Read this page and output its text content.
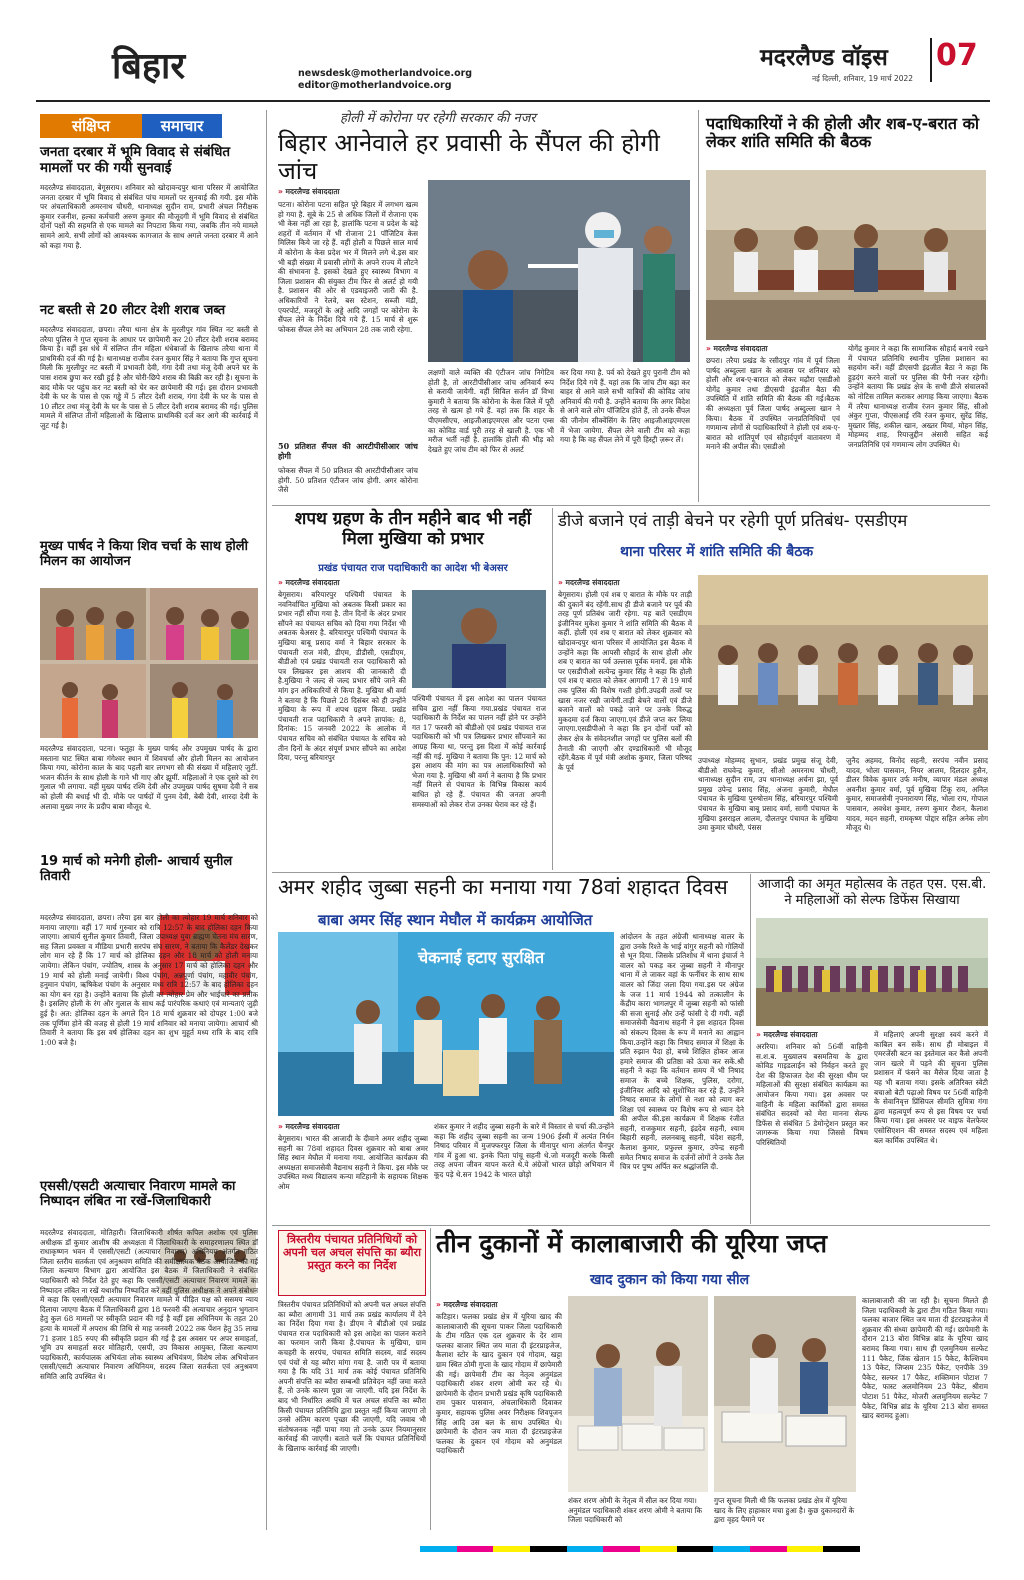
बिहार	newsdesk@motherlandvoice.org
editor@motherlandvoice.org
मदरलैण्ड वॉइस 07
नई दिल्ली, शनिवार, 19 मार्च 2022
संक्षिप्त	समाचार
जनता दरबार में भूमि विवाद से संबंधित मामलों पर की गयी सुनवाई
मदरलैण्ड संवाददाता, बेगूसराय। शनिवार को खोदावन्दपुर थाना परिसर में आयोजित जनता दरबार में भूमि विवाद से संबंधित पांच मामलों पर सुनवाई की गयी. इस मौके पर अंचलाधिकारी अमरनाथ चौधरी, थानाध्यक्ष सुदीन राम, प्रभारी अंचल निरीक्षक कुमार रजनीश, हल्का कर्मचारी अरुण कुमार की मौजूदगी में भूमि विवाद से संबंधित दोनों पक्षों की सहमति से एक मामले का निपटारा किया गया, जबकि तीन नये मामले सामने आये. सभी लोगों को आवश्यक कागजात के साथ अगले जनता दरबार में आने को कहा गया है.
नट बस्ती से 20 लीटर देशी शराब जब्त
मदरलैण्ड संवाददाता, छपरा। तरैया थाना क्षेत्र के मुरलीपुर गांव स्थित नट बस्ती से तरैया पुलिस ने गुप्त सूचना के आधार पर छापेमारी कर 20 लीटर देशी शराब बरामद किया है। वहीं इस धंधे में संलिप्त तीन महिला धंधेबाजों के खिलाफ तरैया थाना में प्राथमिकी दर्ज की गई है। थानाध्यक्ष राजीव रंजन कुमार सिंह ने बताया कि गुप्त सूचना मिली कि मुरलीपुर नट बस्ती में प्रभावती देवी, गंगा देवी तथा मंजू देवी अपने घर के पास शराब छुपा कर रखी हुई है और चोरी-छिपे शराब की बिक्री कर रही है। सूचना के बाद मौके पर पहुंच कर नट बस्ती को घेर कर छापेमारी की गई। इस दौरान प्रभावती देवी के घर के पास से एक गड्ढे में 5 लीटर देशी शराब, गंगा देवी के घर के पास से 10 लीटर तथा मंजू देवी के घर के पास से 5 लीटर देशी शराब बरामद की गई। पुलिस मामले में संलिप्त तीनों महिलाओं के खिलाफ प्राथमिकी दर्ज कर आगे की कार्रवाई में जुट गई है।
मुख्य पार्षद ने किया शिव चर्चा के साथ होली मिलन का आयोजन
मदरलैण्ड संवाददाता, पटना। फतुहा के मुख्य पार्षद और उपमुख्य पार्षद के द्वारा मस्ताना घाट स्थित बाबा गंगेश्वर स्थान में शिवचर्चा और होली मिलन का आयोजन किया गया, कोरोना काल के बाद पहली बार लगभग सौ की संख्या में महिलाएं जुटीं. भजन कीर्तन के साथ होली के गाने भी गाए और झूमीं. महिलाओं ने एक दूसरे को रंग गुलाल भी लगाया. वहीं मुख्य पार्षद रश्मि देवी और उपमुख्य पार्षद सुषमा देवी ने सब को होली की बधाई भी दी. मौके पर पार्षदों में पुनम देवी, बेबी देवी, शारदा देवी के अलावा मुख्य नगर के प्रदीप बाबा मौजूद थे.
19 मार्च को मनेगी होली- आचार्य सुनील तिवारी
मदरलैण्ड संवाददाता, छपरा। तरैया इस बार होली का त्योहार 19 मार्च शनिवार को मनाया जाएगा। वहीं 17 मार्च गुरुवार को रात्रि 12:57 के बाद होलिका दहन किया जाएगा। आचार्य सुनील कुमार तिवारी, जिला उपाध्यक्ष युवा ब्राह्मण चेतना मंच सारण, सह जिला प्रवक्ता व मीडिया प्रभारी सरपंच संघ सारण, ने बताया कि कैलेंडर देखकर लोग मान रहे हैं कि 17 मार्च को होलिका दहन और 18 मार्च को होली मनाया जायेगा। लेकिन पंचांग, ज्योतिष, शास्त्र के अनुसार 17 मार्च को होलिका दहन और 19 मार्च को होली मनाई जायेगी। विश्व पंचांग, अन्नपूर्णा पंचांग, महावीर पंचांग, हनुमान पंचांग, ऋषिकेश पंचांग के अनुसार मध्य रात्रि 12:57 के बाद होलिका दहन का योग बन रहा है। उन्होंने बताया कि होली का त्योहार प्रेम और भाईचारे का प्रतीक है। इसलिए होली के रंग और गुलाल के साथ कई पारंपरिक कथाएं एवं मान्यताएं जुड़ी हुई है। अत: होलिका दहन के अगले दिन 18 मार्च शुक्रवार को दोपहर 1:00 बजे तक पूर्णिमा होने की वजह से होली 19 मार्च शनिवार को मनाया जायेगा। आचार्य श्री तिवारी ने बताया कि इस वर्ष होलिका दहन का शुभ मुहूर्त मध्य रात्रि के बाद रात्रि 1:00 बजे है।
एससी/एसटी अत्याचार निवारण मामले का निष्पादन लंबित ना रखें-जिलाधिकारी
मदरलैण्ड संवाददाता, मोतिहारी। जिलाधिकारी शीर्षत कपिल अशोक एवं पुलिस अधीक्षक डॉ कुमार आशीष की अध्यक्षता में जिलाधिकारी के समाहरणालय स्थित डॉ राधाकृष्णन भवन में एससी/एसटी (अत्याचार निवारण) अधिनियम अंतर्गत गठित जिला स्तरीय सतर्कता एवं अनुश्रवण समिति की समीक्षात्मक बैठक आयोजित की गई जिला कल्याण विभाग द्वारा आयोजित इस बैठक में जिलाधिकारी ने संबंधित पदाधिकारी को निर्देश देते हुए कहा कि एससी/एसटी अत्याचार निवारण मामले का निष्पादन लंबित ना रखें यथाशीघ्र निष्पादित करें वहीं पुलिस अधीक्षक ने अपने संबोधन में कहा कि एससी/एसटी अत्याचार निवारण मामले में पीड़ित पक्ष को ससमय न्याय दिलाया जाएगा बैठक में जिलाधिकारी द्वारा 18 फरवरी की अत्याचार अनुदान भुगतान हेतु कुल 68 मामलों पर स्वीकृति प्रदान की गई है वहीं इस अधिनियम के तहत 20 हत्या के मामलों में अपराध की तिथि से माह जनवरी 2022 तक पेंशन हेतु 35 लाख 71 हजार 185 रुपए की स्वीकृति प्रदान की गई है इस अवसर पर अपर समाहर्ता, भूमि उप समाहर्ता सदर मोतिहारी, एसपी, उप विकास आयुक्त, जिला कल्याण पदाधिकारी, कार्यपालक अभियंता लोक स्वास्थ्य अभियंत्रण, विशेष लोक अभियोजन एससी/एसटी अत्याचार निवारण अधिनियम, सदस्य जिला सतर्कता एवं अनुश्रवण समिति आदि उपस्थित थे।
होली में कोरोना पर रहेगी सरकार की नजर
बिहार आनेवाले हर प्रवासी के सैंपल की होगी जांच
» मदरलैण्ड संवाददाता
पटना। कोरोना पटना सहित पूरे बिहार में लगभग खत्म हो गया है. सूबे के 25 से अधिक जिलों में रोजाना एक भी केस नहीं आ रहा है, हालांकि पटना व प्रदेश के बड़े शहरों में वर्तमान में भी रोजाना 21 पॉजिटिव केस मिलिस किये जा रहे हैं. वहीं होली व पिछले साल मार्च में कोरोना के केस प्रदेश भर में मिलने लगे थे.इस बार भी बड़ी संख्या में प्रवासी लोगों के अपने राज्य में लौटने की संभावना है. इसको देखते हुए स्वास्थ्य विभाग व जिला प्रशासन की संयुक्त टीम फिर से अलर्ट हो गयी है. प्रशासन की ओर से एडवाइजरी जारी की है. अधिकारियों ने रेलवे, बस स्टेशन, सब्जी मंडी, एयरपोर्ट, मजदूरों के अड्डे आदि जगहों पर कोरोना के सैंपल लेने के निर्देश दिये गये हैं. 15 मार्च से शुरू फोकस सैंपल लेने का अभियान 28 तक जारी रहेगा.
50 प्रतिशत सैंपल की आरटीपीसीआर जांच होगी
फोकस सैंपल में 50 प्रतिशत की आरटीपीसीआर जांच होगी. 50 प्रतिशत एंटीजन जांच होगी. अगर कोरोना जैसे
लक्षणों वाले व्यक्ति की एंटीजन जांच निगेटिव होती है, तो आरटीपीसीआर जांच अनिवार्य रूप से करायी जायेगी. वहीं सिविल सर्जन डॉ विभा कुमारी ने बताया कि कोरोना के केस जिले में पूरी तरह से खत्म हो गये हैं. वहां तक कि शहर के पीएमसीएच, आइजीआइएमएस और पटना एम्स का कोविड वार्ड पूरी तरह से खाली है. एक भी मरीज भर्ती नहीं है. हालांकि होली की भीड़ को देखते हुए जांच टीम को फिर से अलर्ट
कर दिया गया है. पर्व को देखते हुए पुरानी टीम को निर्देश दिये गये हैं. यहां तक कि जांच टीम बढ़ा कर बाहर से आने वाले सभी यात्रियों की कोविड जांच अनिवार्य की गयी है. उन्होंने बताया कि अगर विदेश से आने वाले लोग पॉजिटिव होते हैं, तो उनके सैंपल की जीनोम सीक्वेंसिंग के लिए आइजीआइएमएस में भेजा जायेगा. सैंपल लेने वाली टीम को कहा गया है कि वह सैंपल लेने में पूरी हिस्ट्री ज़रूर लें।
पदाधिकारियों ने की होली और शब-ए-बरात को लेकर शांति समिति की बैठक
» मदरलैण्ड संवाददाता
छपरा। तरैया प्रखंड के रसीदपुर गांव में पूर्व जिला पार्षद अब्दुल्ला खान के आवास पर शनिवार को होली और शब-ए-बारात को लेकर मढ़ौरा एसडीओ योगेंद्र कुमार तथा डीएसपी इंद्रजीत बैठा की उपस्थिति में शांति समिति की बैठक की गई।बैठक की अध्यक्षता पूर्व जिला पार्षद अब्दुल्ला खान ने किया। बैठक में उपस्थित जनप्रतिनिधियों एवं गणमान्य लोगों से पदाधिकारियों ने होली एवं शब-ए-बारात को शांतिपूर्ण एवं सौहार्दपूर्ण वातावरण में मनाने की अपील की। एसडीओ
योगेंद्र कुमार ने कहा कि सामाजिक सौहार्द बनाये रखने में पंचायत प्रतिनिधि स्थानीय पुलिस प्रशासन का सहयोग करें। वहीं डीएसपी इंद्रजीत बैठा ने कहा कि हुड़दंग करने वालों पर पुलिस की पैनी नजर रहेगी। उन्होंने बताया कि प्रखंड क्षेत्र के सभी डीजे संचालकों को नोटिस तामिल कराकर आगाह किया जाएगा। बैठक में तरैया थानाध्यक्ष राजीव रंजन कुमार सिंह, सीओ अंकुर गुप्ता, पीएसआई रवि रंजन कुमार, सुरेंद्र सिंह, मुख्तार सिंह, शकील खान, अख्तर मियां, मोहन सिंह, मोहम्मद शाह, रियाजुद्दीन अंसारी सहित कई जनप्रतिनिधि एवं गणमान्य लोग उपस्थित थे।
शपथ ग्रहण के तीन महीने बाद भी नहीं मिला मुखिया को प्रभार
प्रखंड पंचायत राज पदाधिकारी का आदेश भी बेअसर
» मदरलैण्ड संवाददाता
बेगूसराय। बरियारपुर पश्चिमी पंचायत के नवनिर्वाचित मुखिया को अबतक किसी प्रकार का प्रभार नहीं सौंपा गया है. तीन दिनों के अंदर प्रभार सौंपने का पंचायत सचिव को दिया गया निर्देश भी अबतक बेअसर है. बरियारपुर पश्चिमी पंचायत के मुखिया बाबू प्रसाद वर्मा ने बिहार सरकार के पंचायती राज मंत्री, डीएम, डीडीसी, एसडीएम, बीडीओ एवं प्रखंड पंचायती राज पदाधिकारी को पत्र लिखकर इस आशय की जानकारी दी है.मुखिया ने जल्द से जल्द प्रभार सौंपे जाने की मांग इन अधिकारियों से किया है. मुखिया श्री वर्मा ने बताया है कि पिछले 28 दिसंबर को ही उन्होंने मुखिया के रूप में शपथ ग्रहण किया. प्रखंड पंचायती राज पदाधिकारी ने अपने ज्ञापांक: 8, दिनांक: 15 जनवरी 2022 के आलोक में पंचायत सचिव को संबंधित पंचायत के सचिव को तीन दिनों के अंदर संपूर्ण प्रभार सौंपने का आदेश दिया, परन्तु बरियारपुर
पश्चिमी पंचायत में इस आदेश का पालन पंचायत सचिव द्वारा नहीं किया गया.प्रखंड पंचायत राज पदाधिकारी के निर्देश का पालन नहीं होने पर उन्होंने गत 17 फरवरी को बीडीओ एवं प्रखंड पंचायत राज पदाधिकारी को भी पत्र लिखकर प्रभार सौंपवाने का आग्रह किया था, परन्तु इस दिशा में कोई कार्रवाई नहीं की गई. मुखिया ने बताया कि पुन: 12 मार्च को इस आशय की मांग का पत्र आलाधिकारियों को भेजा गया है. मुखिया श्री वर्मा ने बताया है कि प्रभार नहीं मिलने से पंचायत के विभिन्न विकास कार्य बाधित हो रहे हैं. पंचायत की जनता अपनी समस्याओं को लेकर रोज उनका घेराव कर रहे हैं।
डीजे बजाने एवं ताड़ी बेचने पर रहेगी पूर्ण प्रतिबंध- एसडीएम
थाना परिसर में शांति समिति की बैठक
» मदरलैण्ड संवाददाता
बेगूसराय। होली एवं शब ए बारात के मौके पर ताड़ी की दुकानें बंद रहेंगी.साथ ही डीजे बजाने पर पूर्व की तरह पूर्ण प्रतिबंध जारी रहेगा. यह बातें एसडीएम इंजीनियर मुकेश कुमार ने शांति समिति की बैठक में कहीं. होली एवं शब ए बारात को लेकर शुक्रवार को खोदावन्दपुर थाना परिसर में आयोजित इस बैठक में उन्होंने कहा कि आपसी सौहार्द के साथ होली और शब ए बारात का पर्व उल्लास पूर्वक मनायें. इस मौके पर एसडीपीओ सत्येन्द्र कुमार सिंह ने कहा कि होली एवं शब ए बारात को लेकर आगामी 17 से 19 मार्च तक पुलिस की विशेष गश्ती होगी.उपद्रवी तत्वों पर खास नजर रखी जायेगी.ताड़ी बेचने वालों एवं डीजे बजाने वालों को पकड़े जाने पर उनके विरुद्ध मुकदमा दर्ज किया जाएगा.एवं डीजे जप्त कर लिया जाएगा.एसडीपीओ ने कहा कि इन दोनों पर्वों को लेकर क्षेत्र के संवेदनशील जगहों पर पुलिस बलों की तैनाती की जाएगी और दण्डाधिकारी भी मौजूद रहेंगे.बैठक में पूर्व मंत्री अशोक कुमार, जिला परिषद के पूर्व
उपाध्यक्ष मोहम्मद सुभान, प्रखंड प्रमुख संजू देवी, बीडीओ राघवेन्द्र कुमार, सीओ अमरनाथ चौधरी, थानाध्यक्ष सुदीन राम, उप थानाध्यक्ष अर्चना झा, पूर्व प्रमुख उपेन्द्र प्रसाद सिंह, अंजना कुमारी, मेघौल पंचायत के मुखिया पुरुषोत्तम सिंह, बरियारपुर पश्चिमी पंचायत के मुखिया बाबू प्रसाद वर्मा, सागी पंचायत के मुखिया इसराइल आलम, दौलतपुर पंचायत के मुखिया उमा कुमार चौधरी, पंसस
जुनैद अहमद, विनोद सहनी, सरपंच नवीन प्रसाद यादव, भोला पासवान, नियर आलम, दिलदार हुसैन, डीलर विवेक कुमार उर्फ मनीष, व्यापार मंडल अध्यक्ष अवनीश कुमार वर्मा, पूर्व मुखिया टिंकू राय, अनिल कुमार, समाजसेवी नृपनारायण सिंह, भोला राय, गोपाल पासवान, अवधेश कुमार, तरुण कुमार रौशन, कैलाश यादव, मदन सहनी, रामकृष्ण पोद्दार सहित अनेक लोग मौजूद थे।
अमर शहीद जुब्बा सहनी का मनाया गया 78वां शहादत दिवस
बाबा अमर सिंह स्थान मेघौल में कार्यक्रम आयोजित
चेकनाई हटाए सुरक्षित
आंदोलन के तहत अंग्रेजी थानाध्यक्ष वालर के द्वारा उनके रिश्ते के भाई वांगुर सहनी को गोलियों से भून दिया. जिसके प्रतिशोध में थाना इंचार्ज ने वालर को पकड़ कर जुब्बा सहनी ने मीनापुर थाना में ले जाकर वहां के फर्नीचर के साथ साथ वालर को जिंदा जला दिया गया.इस पर अंग्रेज के जज 11 मार्च 1944 को तत्कालीन के केंद्रीय कारा भागलपुर में जुब्बा सहनी को फांसी की सजा सुनाई और उन्हें फांसी दे दी गयी. वहीं समाजसेवी वैद्यनाथ सहनी ने इस शहादत दिवस को संकल्प दिवस के रूप में मनाने का आह्वान किया.उन्होंने कहा कि निषाद समाज में शिक्षा के प्रति रुझान पैदा हो, बच्चे शिक्षित होकर आज हमारे समाज की प्रतिष्ठा को ऊंचा कर सकें.श्री सहनी ने कहा कि वर्तमान समय में भी निषाद समाज के बच्चे शिक्षक, पुलिस, दरोगा, इंजीनियर आदि को सुशोभित कर रहे हैं. उन्होंने निषाद समाज के लोगों से नशा को त्याग कर शिक्षा एवं स्वास्थ्य पर विशेष रूप से ध्यान देने की अपील की.इस कार्यक्रम में शिक्षक रंजीत सहनी, राजकुमार सहनी, इंद्रदेव सहनी, श्याम बिहारी सहनी, ललनबाबू सहनी, चंदेश सहनी, कैलाश कुमार, प्रफुल्ल कुमार, उपेन्द्र सहनी समेत निषाद समाज के दर्जनों लोगों ने उनके तैल चित्र पर पुष्प अर्पित कर श्रद्धांजलि दी.
» मदरलैण्ड संवाददाता
बेगूसराय। भारत की आजादी के दीवाने अमर शहीद जुब्बा सहनी का 78वां शहादत दिवस शुक्रवार को बाबा अमर सिंह स्थान मेघौल में मनाया गया. आयोजित कार्यक्रम की अध्यक्षता समाजसेवी वैद्यनाथ सहनी ने किया. इस मौके पर उपस्थित मध्य विद्यालय कन्या मटिहानी के सहायक शिक्षक ओम
शंकर कुमार ने शहीद जुब्बा सहनी के बारे में विस्तार से चर्चा की.उन्होंने कहा कि शहीद जुब्बा सहनी का जन्म 1906 ईस्वी में अत्यंत निर्धन निषाद परिवार में मुजफ्फरपुर जिला के मीनापुर थाना अंतर्गत चैनपुर गांव में हुआ था. इनके पिता पांचू सहनी थे.जो मजदूरी करके किसी तरह अपना जीवन यापन करते थे.ये अंग्रेजों भारत छोड़ो अभियान में कूद पड़े थे.सन 1942 के भारत छोड़ो
आजादी का अमृत महोत्सव के तहत एस. एस.बी. ने महिलाओं को सेल्फ डिफेंस सिखाया
» मदरलैण्ड संवाददाता
अररिया। शनिवार को 56वीं वाहिनी स.श.ब. मुख्यालय बसमतिया के द्वारा कोविड गाइडलाईन को निर्वहन करते हुए देश की हिफाजत देश की सुरक्षा थीम पर महिलाओं की सुरक्षा संबंधित कार्यक्रम का आयोजन किया गया। इस अवसर पर वाहिनी के महिला कार्मिकों द्वारा समस्त संबंधित सदस्यों को मेरा मानना सेल्फ डिफेंस से संबंधित 5 डेमोन्ट्रेशन प्रस्तुत कर जागरूक किया गया जिससे विषम परिस्थितियों
में महिलाएं अपनी सुरक्षा स्वयं करने में काबिल बन सकें। साथ ही मोबाइल में एमरजेंसी बटन का इस्तेमाल कर कैसे अपनी जान खतरे में पड़ने की सूचना पुलिस प्रशासन में फंसने का मैसेज दिया जाता है यह भी बताया गया। इसके अतिरिक्त स्वेटी बचाओ बेटी पढ़ाओ विषय पर 56वीं वाहिनी के सेवानिवृत्त प्रिंसिपल सीमति सुमित्रा गंगा द्वारा महत्वपूर्ण रूप से इस विषय पर चर्चा किया गया। इस अवसर पर वाइफ वेलफेयर एसोसिएशन की समस्त सदस्य एवं महिला बल कार्मिक उपस्थित थे।
त्रिस्तरीय पंचायत प्रतिनिधियों को अपनी चल अचल संपत्ति का ब्यौरा प्रस्तुत करने का निर्देश
त्रिस्तरीय पंचायत प्रतिनिधियों को अपनी चल अचल संपत्ति का ब्यौरा आगामी 31 मार्च तक प्रखंड कार्यालय में देने का निर्देश दिया गया है। डीएम ने बीडीओ एवं प्रखंड पंचायत राज पदाधिकारी को इस आदेश का पालन कराने का फरमान जारी किया है.पंचायत के मुखिया, ग्राम कचहरी के सरपंच, पंचायत समिति सदस्य, वार्ड सदस्य एवं पंचों से यह ब्यौरा मांगा गया है. जारी पत्र में बताया गया है कि यदि 31 मार्च तक कोई पंचायत प्रतिनिधि अपनी संपत्ति का ब्यौरा सम्बन्धी प्रतिवेदन नहीं जमा करते हैं, तो उनके कारण पूछा जा जाएगी. यदि इस निर्देश के बाद भी निर्धारित अवधि में चल अचल संपत्ति का ब्यौरा किसी पंचायत प्रतिनिधि द्वारा प्रस्तुत नहीं किया जाएगा तो उनसे अंतिम कारण पृच्छा की जाएगी, यदि जवाब भी संतोषजनक नहीं पाया गया तो उनके ऊपर नियमानुसार कार्रवाई की जाएगी। बताते चलें कि पंचायत प्रतिनिधियों के खिलाफ कार्रवाई की जाएगी।
तीन दुकानों में कालाबाजारी की यूरिया जप्त
खाद दुकान को किया गया सील
» मदरलैण्ड संवाददाता
कटिहार। फलका प्रखंड क्षेत्र में यूरिया खाद की कालाबाजारी की सूचना पाकर जिला पदाधिकारी के टीम गठित एक दल शुक्रवार के देर शाम फलका बाजार स्थित जय माता दी इंटरप्राइजेज, कैलाश स्टोर के खाद दुकान एवं गोदाम, खट्टा ग्राम स्थित ठोमी गुप्ता के खाद गोदाम में छापेमारी की गई। छापेमारी टीम का नेतृत्व अनुमंडल पदाधिकारी शंकर शरण ओमी कर रहे थे। छापेमारी के दौरान प्रभारी प्रखंड कृषि पदाधिकारी राम पुकार पासवान, अंचलाधिकारी दिवाकर कुमार, सहायक पुलिस अवर निरीक्षक शिवपूजन सिंह आदि उस बल के साथ उपस्थित थे। छापेमारी के दौरान जय माता दी इंटरप्राइजेज फलका के दुकान एवं गोदाम को अनुमंडल पदाधिकारी
शंकर शरण ओमी के नेतृत्व में सील कर दिया गया। अनुमंडल पदाधिकारी शंकर शरण ओमी ने बताया कि जिला पदाधिकारी को
गुप्त सूचना मिली थी कि फलका प्रखंड क्षेत्र में यूरिया खाद के लिए हाहाकार मचा हुआ है। कुछ दुकानदारों के द्वारा वृहद पैमाने पर
कालाबाजारी की जा रही है। सूचना मिलते ही जिला पदाधिकारी के द्वारा टीम गठित किया गया। फलका बाजार स्थित जय माता दी इंटरप्राइजेज में शुक्रवार की संध्या छापेमारी की गई। छापेमारी के दौरान 213 बोरा विभिन्न ब्रांड के यूरिया खाद बरामद किया गया। साथ ही एलमुनियम सल्फेट 111 पैकेट, जिंक खेतान 15 पैकेट, कैल्शियम 13 पैकेट, जिप्सम 235 पैकेट, एनपीके 39 पैकेट, सल्फर 17 पैकेट, शक्तिमान पोटाश 7 पैकेट, फास्ट अलमोनियम 23 पैकेट, श्रीराम पोटाश 51 पैकेट, मोजरी अलमुनियम सल्फेट 7 पैकेट, विभिन्न ब्रांड के यूरिया 213 बोरा समस्त खाद बरामद हुआ।
